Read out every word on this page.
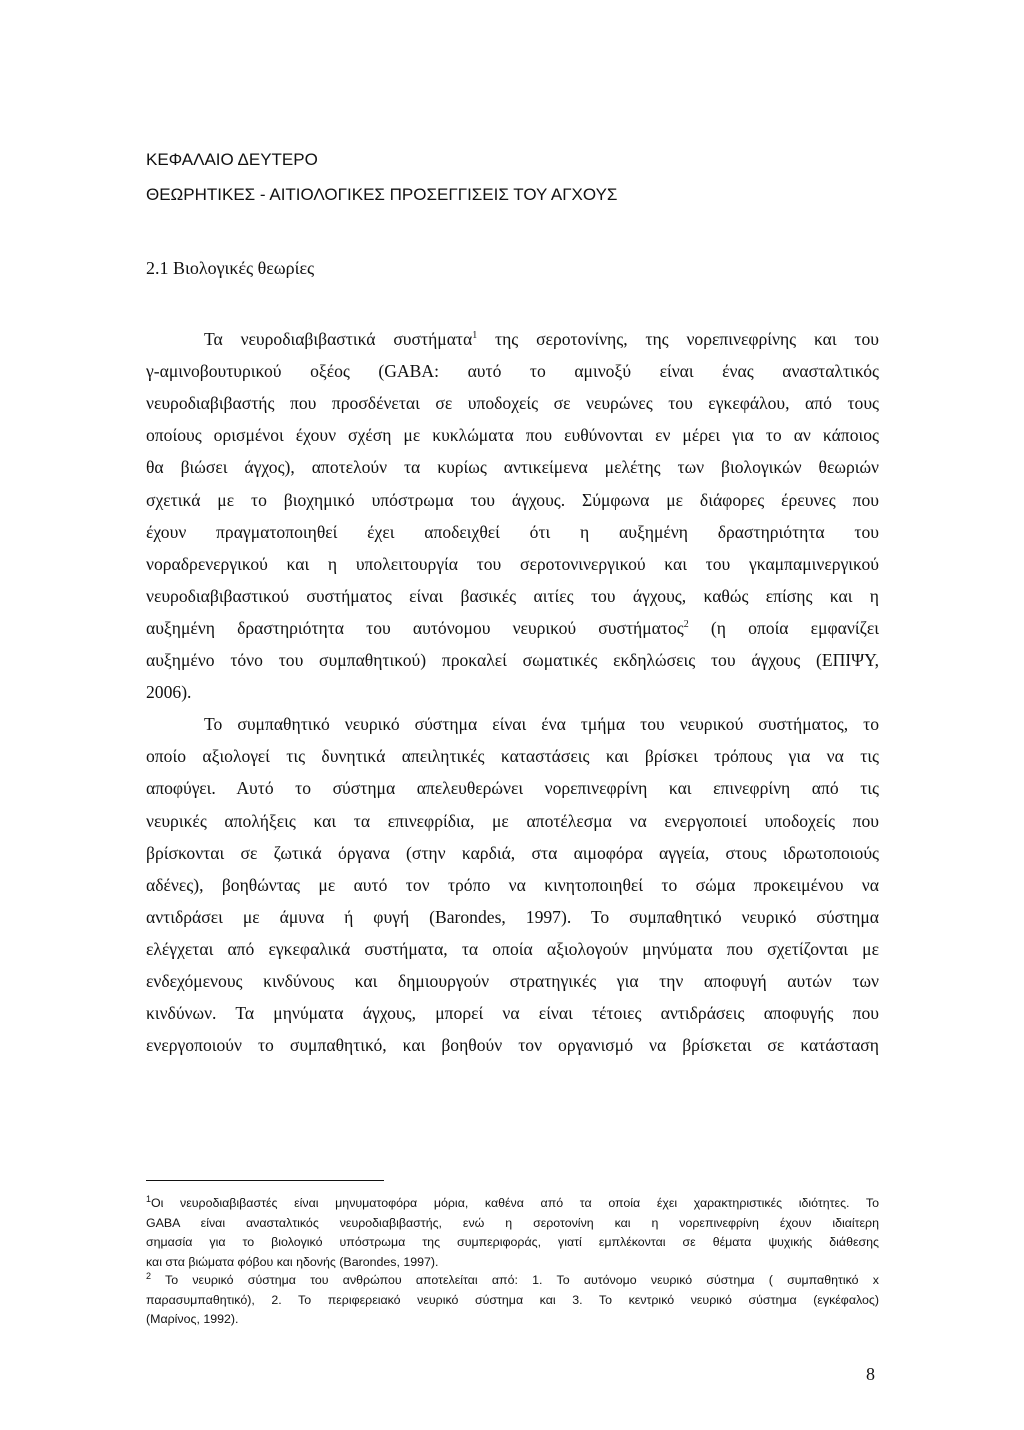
ΚΕΦΑΛΑΙΟ ΔΕΥΤΕΡΟ
ΘΕΩΡΗΤΙΚΕΣ - ΑΙΤΙΟΛΟΓΙΚΕΣ ΠΡΟΣΕΓΓΙΣΕΙΣ ΤΟΥ ΑΓΧΟΥΣ
2.1 Βιολογικές θεωρίες
Τα νευροδιαβιβαστικά συστήματα$^1$ της σεροτονίνης, της νορεπινεφρίνης και του
γ-αμινοβουτυρικού οξέος (GABA: αυτό το αμινοξύ είναι ένας ανασταλτικός
νευροδιαβιβαστής που προσδένεται σε υποδοχείς σε νευρώνες του εγκεφάλου, από τους
οποίους ορισμένοι έχουν σχέση με κυκλώματα που ευθύνονται εν μέρει για το αν κάποιος
θα βιώσει άγχος), αποτελούν τα κυρίως αντικείμενα μελέτης των βιολογικών θεωριών
σχετικά με το βιοχημικό υπόστρωμα του άγχους. Σύμφωνα με διάφορες έρευνες που
έχουν πραγματοποιηθεί έχει αποδειχθεί ότι η αυξημένη δραστηριότητα του
νοραδρενεργικού και η υπολειτουργία του σεροτονινεργικού και του γκαμπαμινεργικού
νευροδιαβιβαστικού συστήματος είναι βασικές αιτίες του άγχους, καθώς επίσης και η
αυξημένη δραστηριότητα του αυτόνομου νευρικού συστήματος$^2$ (η οποία εμφανίζει
αυξημένο τόνο του συμπαθητικού) προκαλεί σωματικές εκδηλώσεις του άγχους (ΕΠΙΨΥ,
2006).
Το συμπαθητικό νευρικό σύστημα είναι ένα τμήμα του νευρικού συστήματος, το
οποίο αξιολογεί τις δυνητικά απειλητικές καταστάσεις και βρίσκει τρόπους για να τις
αποφύγει. Αυτό το σύστημα απελευθερώνει νορεπινεφρίνη και επινεφρίνη από τις
νευρικές απολήξεις και τα επινεφρίδια, με αποτέλεσμα να ενεργοποιεί υποδοχείς που
βρίσκονται σε ζωτικά όργανα (στην καρδιά, στα αιμοφόρα αγγεία, στους ιδρωτοποιούς
αδένες), βοηθώντας με αυτό τον τρόπο να κινητοποιηθεί το σώμα προκειμένου να
αντιδράσει με άμυνα ή φυγή (Barondes, 1997). Το συμπαθητικό νευρικό σύστημα
ελέγχεται από εγκεφαλικά συστήματα, τα οποία αξιολογούν μηνύματα που σχετίζονται με
ενδεχόμενους κινδύνους και δημιουργούν στρατηγικές για την αποφυγή αυτών των
κινδύνων. Τα μηνύματα άγχους, μπορεί να είναι τέτοιες αντιδράσεις αποφυγής που
ενεργοποιούν το συμπαθητικό, και βοηθούν τον οργανισμό να βρίσκεται σε κατάσταση
$^1$Οι νευροδιαβιβαστές είναι μηνυματοφόρα μόρια, καθένα από τα οποία έχει χαρακτηριστικές ιδιότητες. Το
GABA είναι ανασταλτικός νευροδιαβιβαστής, ενώ η σεροτονίνη και η νορεπινεφρίνη έχουν ιδιαίτερη
σημασία για το βιολογικό υπόστρωμα της συμπεριφοράς, γιατί εμπλέκονται σε θέματα ψυχικής διάθεσης
και στα βιώματα φόβου και ηδονής (Barondes, 1997).
$^2$ Το νευρικό σύστημα του ανθρώπου αποτελείται από: 1. Το αυτόνομο νευρικό σύστημα ( συμπαθητικό x
παρασυμπαθητικό), 2. Το περιφερειακό νευρικό σύστημα και 3. Το κεντρικό νευρικό σύστημα (εγκέφαλος)
(Μαρίνος, 1992).
8
